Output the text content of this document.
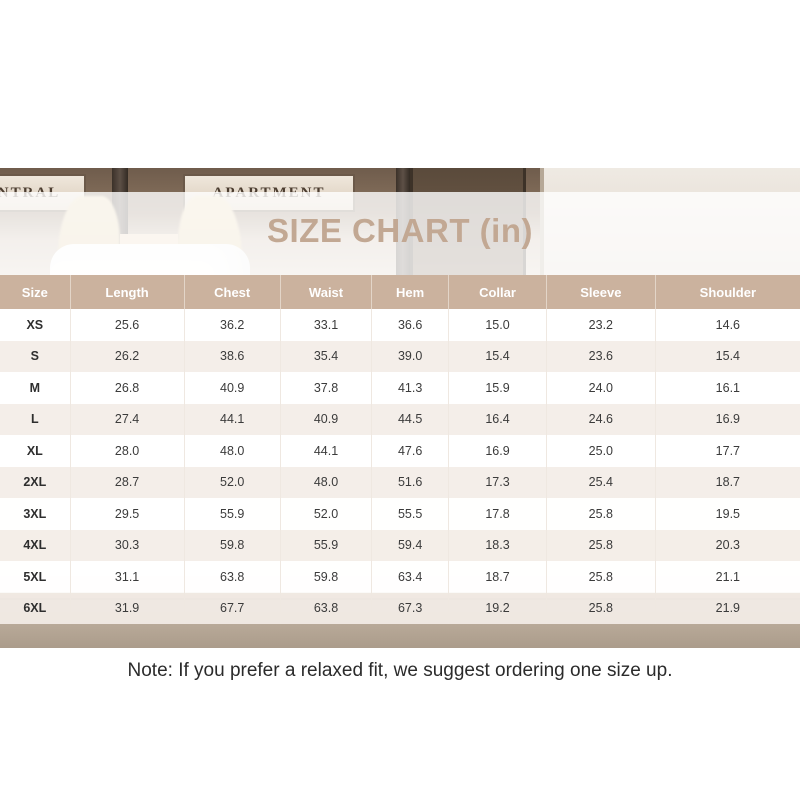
SIZE CHART (in)
Size	Length	Chest	Waist	Hem	Collar	Sleeve	Shoulder
XS	25.6	36.2	33.1	36.6	15.0	23.2	14.6
S	26.2	38.6	35.4	39.0	15.4	23.6	15.4
M	26.8	40.9	37.8	41.3	15.9	24.0	16.1
L	27.4	44.1	40.9	44.5	16.4	24.6	16.9
XL	28.0	48.0	44.1	47.6	16.9	25.0	17.7
2XL	28.7	52.0	48.0	51.6	17.3	25.4	18.7
3XL	29.5	55.9	52.0	55.5	17.8	25.8	19.5
4XL	30.3	59.8	55.9	59.4	18.3	25.8	20.3
5XL	31.1	63.8	59.8	63.4	18.7	25.8	21.1
6XL	31.9	67.7	63.8	67.3	19.2	25.8	21.9
Note: If you prefer a relaxed fit, we suggest ordering one size up.
